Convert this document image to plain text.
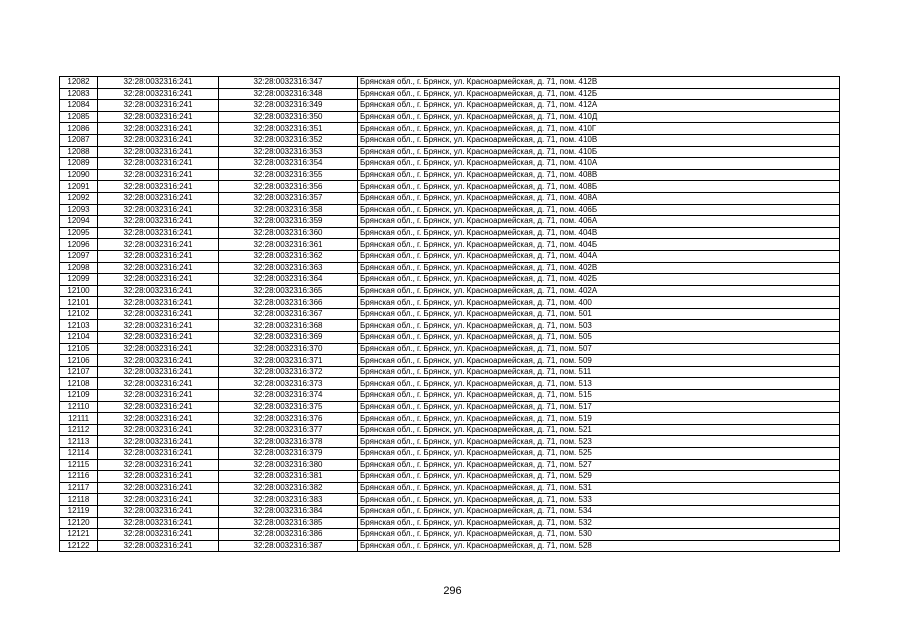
12082	32:28:0032316:241	32:28:0032316:347	Брянская обл., г. Брянск, ул. Красноармейская, д. 71, пом. 412В
12083	32:28:0032316:241	32:28:0032316:348	Брянская обл., г. Брянск, ул. Красноармейская, д. 71, пом. 412Б
12084	32:28:0032316:241	32:28:0032316:349	Брянская обл., г. Брянск, ул. Красноармейская, д. 71, пом. 412А
12085	32:28:0032316:241	32:28:0032316:350	Брянская обл., г. Брянск, ул. Красноармейская, д. 71, пом. 410Д
12086	32:28:0032316:241	32:28:0032316:351	Брянская обл., г. Брянск, ул. Красноармейская, д. 71, пом. 410Г
12087	32:28:0032316:241	32:28:0032316:352	Брянская обл., г. Брянск, ул. Красноармейская, д. 71, пом. 410В
12088	32:28:0032316:241	32:28:0032316:353	Брянская обл., г. Брянск, ул. Красноармейская, д. 71, пом. 410Б
12089	32:28:0032316:241	32:28:0032316:354	Брянская обл., г. Брянск, ул. Красноармейская, д. 71, пом. 410А
12090	32:28:0032316:241	32:28:0032316:355	Брянская обл., г. Брянск, ул. Красноармейская, д. 71, пом. 408В
12091	32:28:0032316:241	32:28:0032316:356	Брянская обл., г. Брянск, ул. Красноармейская, д. 71, пом. 408Б
12092	32:28:0032316:241	32:28:0032316:357	Брянская обл., г. Брянск, ул. Красноармейская, д. 71, пом. 408А
12093	32:28:0032316:241	32:28:0032316:358	Брянская обл., г. Брянск, ул. Красноармейская, д. 71, пом. 406Б
12094	32:28:0032316:241	32:28:0032316:359	Брянская обл., г. Брянск, ул. Красноармейская, д. 71, пом. 406А
12095	32:28:0032316:241	32:28:0032316:360	Брянская обл., г. Брянск, ул. Красноармейская, д. 71, пом. 404В
12096	32:28:0032316:241	32:28:0032316:361	Брянская обл., г. Брянск, ул. Красноармейская, д. 71, пом. 404Б
12097	32:28:0032316:241	32:28:0032316:362	Брянская обл., г. Брянск, ул. Красноармейская, д. 71, пом. 404А
12098	32:28:0032316:241	32:28:0032316:363	Брянская обл., г. Брянск, ул. Красноармейская, д. 71, пом. 402В
12099	32:28:0032316:241	32:28:0032316:364	Брянская обл., г. Брянск, ул. Красноармейская, д. 71, пом. 402Б
12100	32:28:0032316:241	32:28:0032316:365	Брянская обл., г. Брянск, ул. Красноармейская, д. 71, пом. 402А
12101	32:28:0032316:241	32:28:0032316:366	Брянская обл., г. Брянск, ул. Красноармейская, д. 71, пом. 400
12102	32:28:0032316:241	32:28:0032316:367	Брянская обл., г. Брянск, ул. Красноармейская, д. 71, пом. 501
12103	32:28:0032316:241	32:28:0032316:368	Брянская обл., г. Брянск, ул. Красноармейская, д. 71, пом. 503
12104	32:28:0032316:241	32:28:0032316:369	Брянская обл., г. Брянск, ул. Красноармейская, д. 71, пом. 505
12105	32:28:0032316:241	32:28:0032316:370	Брянская обл., г. Брянск, ул. Красноармейская, д. 71, пом. 507
12106	32:28:0032316:241	32:28:0032316:371	Брянская обл., г. Брянск, ул. Красноармейская, д. 71, пом. 509
12107	32:28:0032316:241	32:28:0032316:372	Брянская обл., г. Брянск, ул. Красноармейская, д. 71, пом. 511
12108	32:28:0032316:241	32:28:0032316:373	Брянская обл., г. Брянск, ул. Красноармейская, д. 71, пом. 513
12109	32:28:0032316:241	32:28:0032316:374	Брянская обл., г. Брянск, ул. Красноармейская, д. 71, пом. 515
12110	32:28:0032316:241	32:28:0032316:375	Брянская обл., г. Брянск, ул. Красноармейская, д. 71, пом. 517
12111	32:28:0032316:241	32:28:0032316:376	Брянская обл., г. Брянск, ул. Красноармейская, д. 71, пом. 519
12112	32:28:0032316:241	32:28:0032316:377	Брянская обл., г. Брянск, ул. Красноармейская, д. 71, пом. 521
12113	32:28:0032316:241	32:28:0032316:378	Брянская обл., г. Брянск, ул. Красноармейская, д. 71, пом. 523
12114	32:28:0032316:241	32:28:0032316:379	Брянская обл., г. Брянск, ул. Красноармейская, д. 71, пом. 525
12115	32:28:0032316:241	32:28:0032316:380	Брянская обл., г. Брянск, ул. Красноармейская, д. 71, пом. 527
12116	32:28:0032316:241	32:28:0032316:381	Брянская обл., г. Брянск, ул. Красноармейская, д. 71, пом. 529
12117	32:28:0032316:241	32:28:0032316:382	Брянская обл., г. Брянск, ул. Красноармейская, д. 71, пом. 531
12118	32:28:0032316:241	32:28:0032316:383	Брянская обл., г. Брянск, ул. Красноармейская, д. 71, пом. 533
12119	32:28:0032316:241	32:28:0032316:384	Брянская обл., г. Брянск, ул. Красноармейская, д. 71, пом. 534
12120	32:28:0032316:241	32:28:0032316:385	Брянская обл., г. Брянск, ул. Красноармейская, д. 71, пом. 532
12121	32:28:0032316:241	32:28:0032316:386	Брянская обл., г. Брянск, ул. Красноармейская, д. 71, пом. 530
12122	32:28:0032316:241	32:28:0032316:387	Брянская обл., г. Брянск, ул. Красноармейская, д. 71, пом. 528
296
